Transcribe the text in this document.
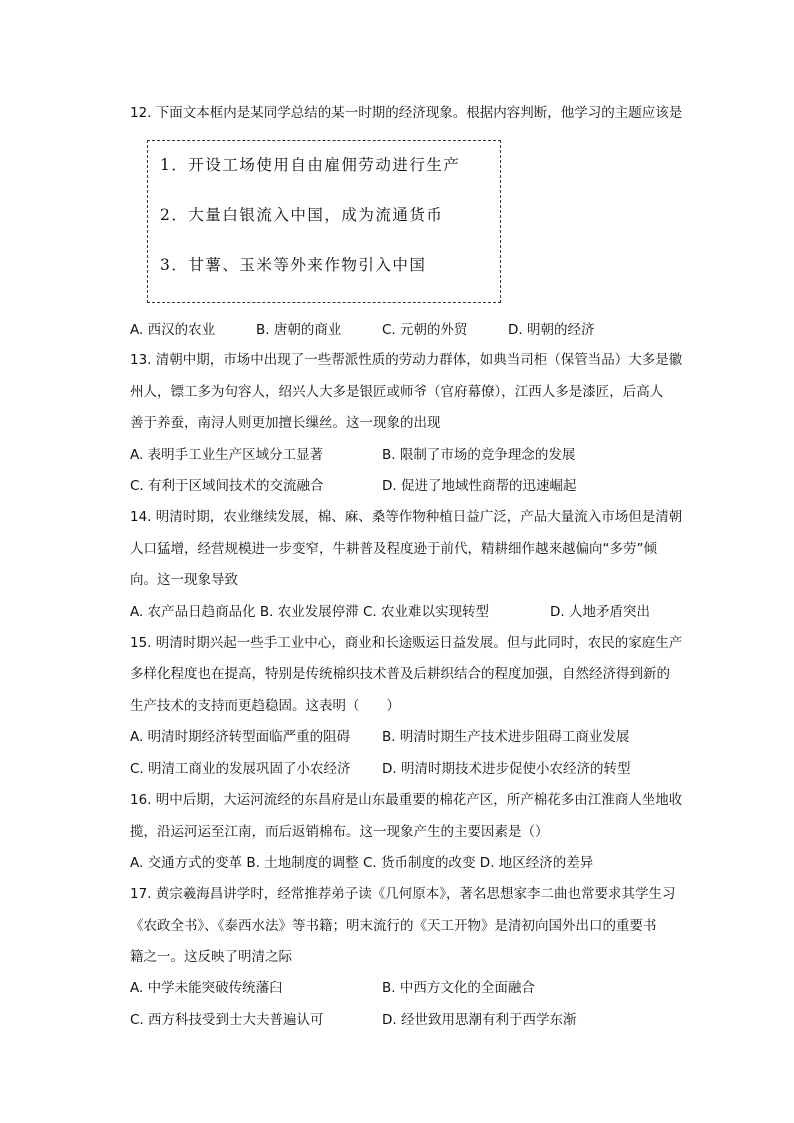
12. 下面文本框内是某同学总结的某一时期的经济现象。根据内容判断，他学习的主题应该是
1．开设工场使用自由雇佣劳动进行生产
2．大量白银流入中国，成为流通货币
3．甘薯、玉米等外来作物引入中国
A. 西汉的农业	B. 唐朝的商业	C. 元朝的外贸	D. 明朝的经济
13. 清朝中期，市场中出现了一些帮派性质的劳动力群体，如典当司柜（保管当品）大多是徽
州人，镖工多为句容人，绍兴人大多是银匠或师爷（官府幕僚），江西人多是漆匠，后高人
善于养蚕，南浔人则更加擅长缫丝。这一现象的出现
A. 表明手工业生产区域分工显著	B. 限制了市场的竞争理念的发展
C. 有利于区域间技术的交流融合	D. 促进了地域性商帮的迅速崛起
14. 明清时期，农业继续发展，棉、麻、桑等作物种植日益广泛，产品大量流入市场但是清朝
人口猛增，经营规模进一步变窄，牛耕普及程度逊于前代，精耕细作越来越偏向“多劳”倾
向。这一现象导致
A. 农产品日趋商品化 B. 农业发展停滞 C. 农业难以实现转型	D. 人地矛盾突出
15. 明清时期兴起一些手工业中心，商业和长途贩运日益发展。但与此同时，农民的家庭生产
多样化程度也在提高，特别是传统棉织技术普及后耕织结合的程度加强，自然经济得到新的
生产技术的支持而更趋稳固。这表明（　　）
A. 明清时期经济转型面临严重的阻碍 B. 明清时期生产技术进步阻碍工商业发展
C. 明清工商业的发展巩固了小农经济 D. 明清时期技术进步促使小农经济的转型
16. 明中后期，大运河流经的东昌府是山东最重要的棉花产区，所产棉花多由江淮商人坐地收
揽，沿运河运至江南，而后返销棉布。这一现象产生的主要因素是（）
A. 交通方式的变革 B. 土地制度的调整 C. 货币制度的改变 D. 地区经济的差异
17. 黄宗羲海昌讲学时，经常推荐弟子读《几何原本》，著名思想家李二曲也常要求其学生习
《农政全书》、《泰西水法》等书籍；明末流行的《天工开物》是清初向国外出口的重要书
籍之一。这反映了明清之际
A. 中学未能突破传统藩臼	B. 中西方文化的全面融合
C. 西方科技受到士大夫普遍认可	D. 经世致用思潮有利于西学东渐
